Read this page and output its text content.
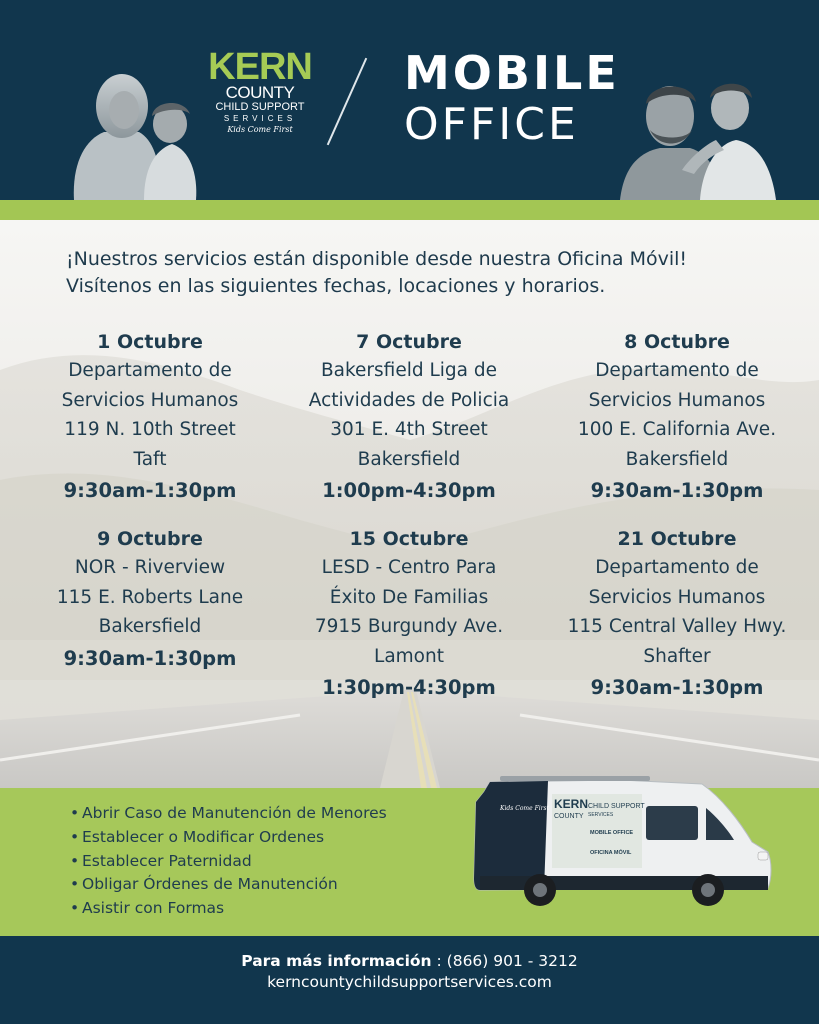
KERN
COUNTY
CHILD SUPPORT
SERVICES
Kids Come First
MOBILE
OFFICE
¡Nuestros servicios están disponible desde nuestra Oficina Móvil!
Visítenos en las siguientes fechas, locaciones y horarios.
1 Octubre
Departamento de
Servicios Humanos
119 N. 10th Street
Taft
9:30am-1:30pm
7 Octubre
Bakersfield Liga de
Actividades de Policia
301 E. 4th Street
Bakersfield
1:00pm-4:30pm
8 Octubre
Departamento de
Servicios Humanos
100 E. California Ave.
Bakersfield
9:30am-1:30pm
9 Octubre
NOR - Riverview
115 E. Roberts Lane
Bakersfield
9:30am-1:30pm
15 Octubre
LESD - Centro Para
Éxito De Familias
7915 Burgundy Ave.
Lamont
1:30pm-4:30pm
21 Octubre
Departamento de
Servicios Humanos
115 Central Valley Hwy.
Shafter
9:30am-1:30pm
• Abrir Caso de Manutención de Menores
• Establecer o Modificar Ordenes
• Establecer Paternidad
• Obligar Órdenes de Manutención
• Asistir con Formas
Kids Come First KERN
COUNTY
CHILD SUPPORT
SERVICES
MOBILE OFFICE
OFICINA MÓVIL
Para más información : (866) 901 - 3212
kerncountychildsupportservices.com
